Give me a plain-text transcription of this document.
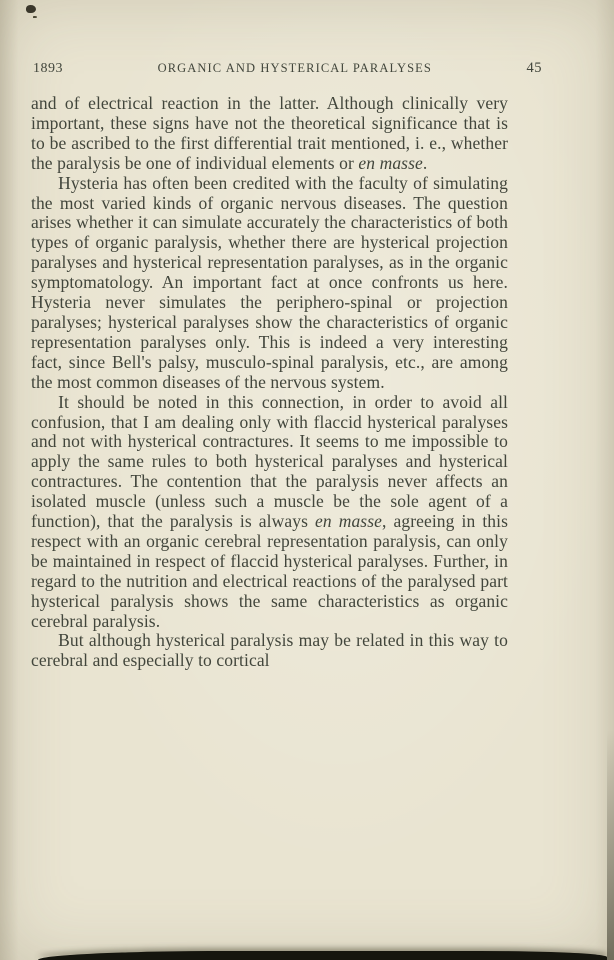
1893	ORGANIC AND HYSTERICAL PARALYSES	45

and of electrical reaction in the latter. Although clinically very important, these signs have not the theoretical significance that is to be ascribed to the first differential trait mentioned, i. e., whether the paralysis be one of individual elements or en masse.

Hysteria has often been credited with the faculty of simulating the most varied kinds of organic nervous diseases. The question arises whether it can simulate accurately the characteristics of both types of organic paralysis, whether there are hysterical projection paralyses and hysterical representation paralyses, as in the organic symptomatology. An important fact at once confronts us here. Hysteria never simulates the periphero-spinal or projection paralyses; hysterical paralyses show the characteristics of organic representation paralyses only. This is indeed a very interesting fact, since Bell's palsy, musculo-spinal paralysis, etc., are among the most common diseases of the nervous system.

It should be noted in this connection, in order to avoid all confusion, that I am dealing only with flaccid hysterical paralyses and not with hysterical contractures. It seems to me impossible to apply the same rules to both hysterical paralyses and hysterical contractures. The contention that the paralysis never affects an isolated muscle (unless such a muscle be the sole agent of a function), that the paralysis is always en masse, agreeing in this respect with an organic cerebral representation paralysis, can only be maintained in respect of flaccid hysterical paralyses. Further, in regard to the nutrition and electrical reactions of the paralysed part hysterical paralysis shows the same characteristics as organic cerebral paralysis.

But although hysterical paralysis may be related in this way to cerebral and especially to cortical
